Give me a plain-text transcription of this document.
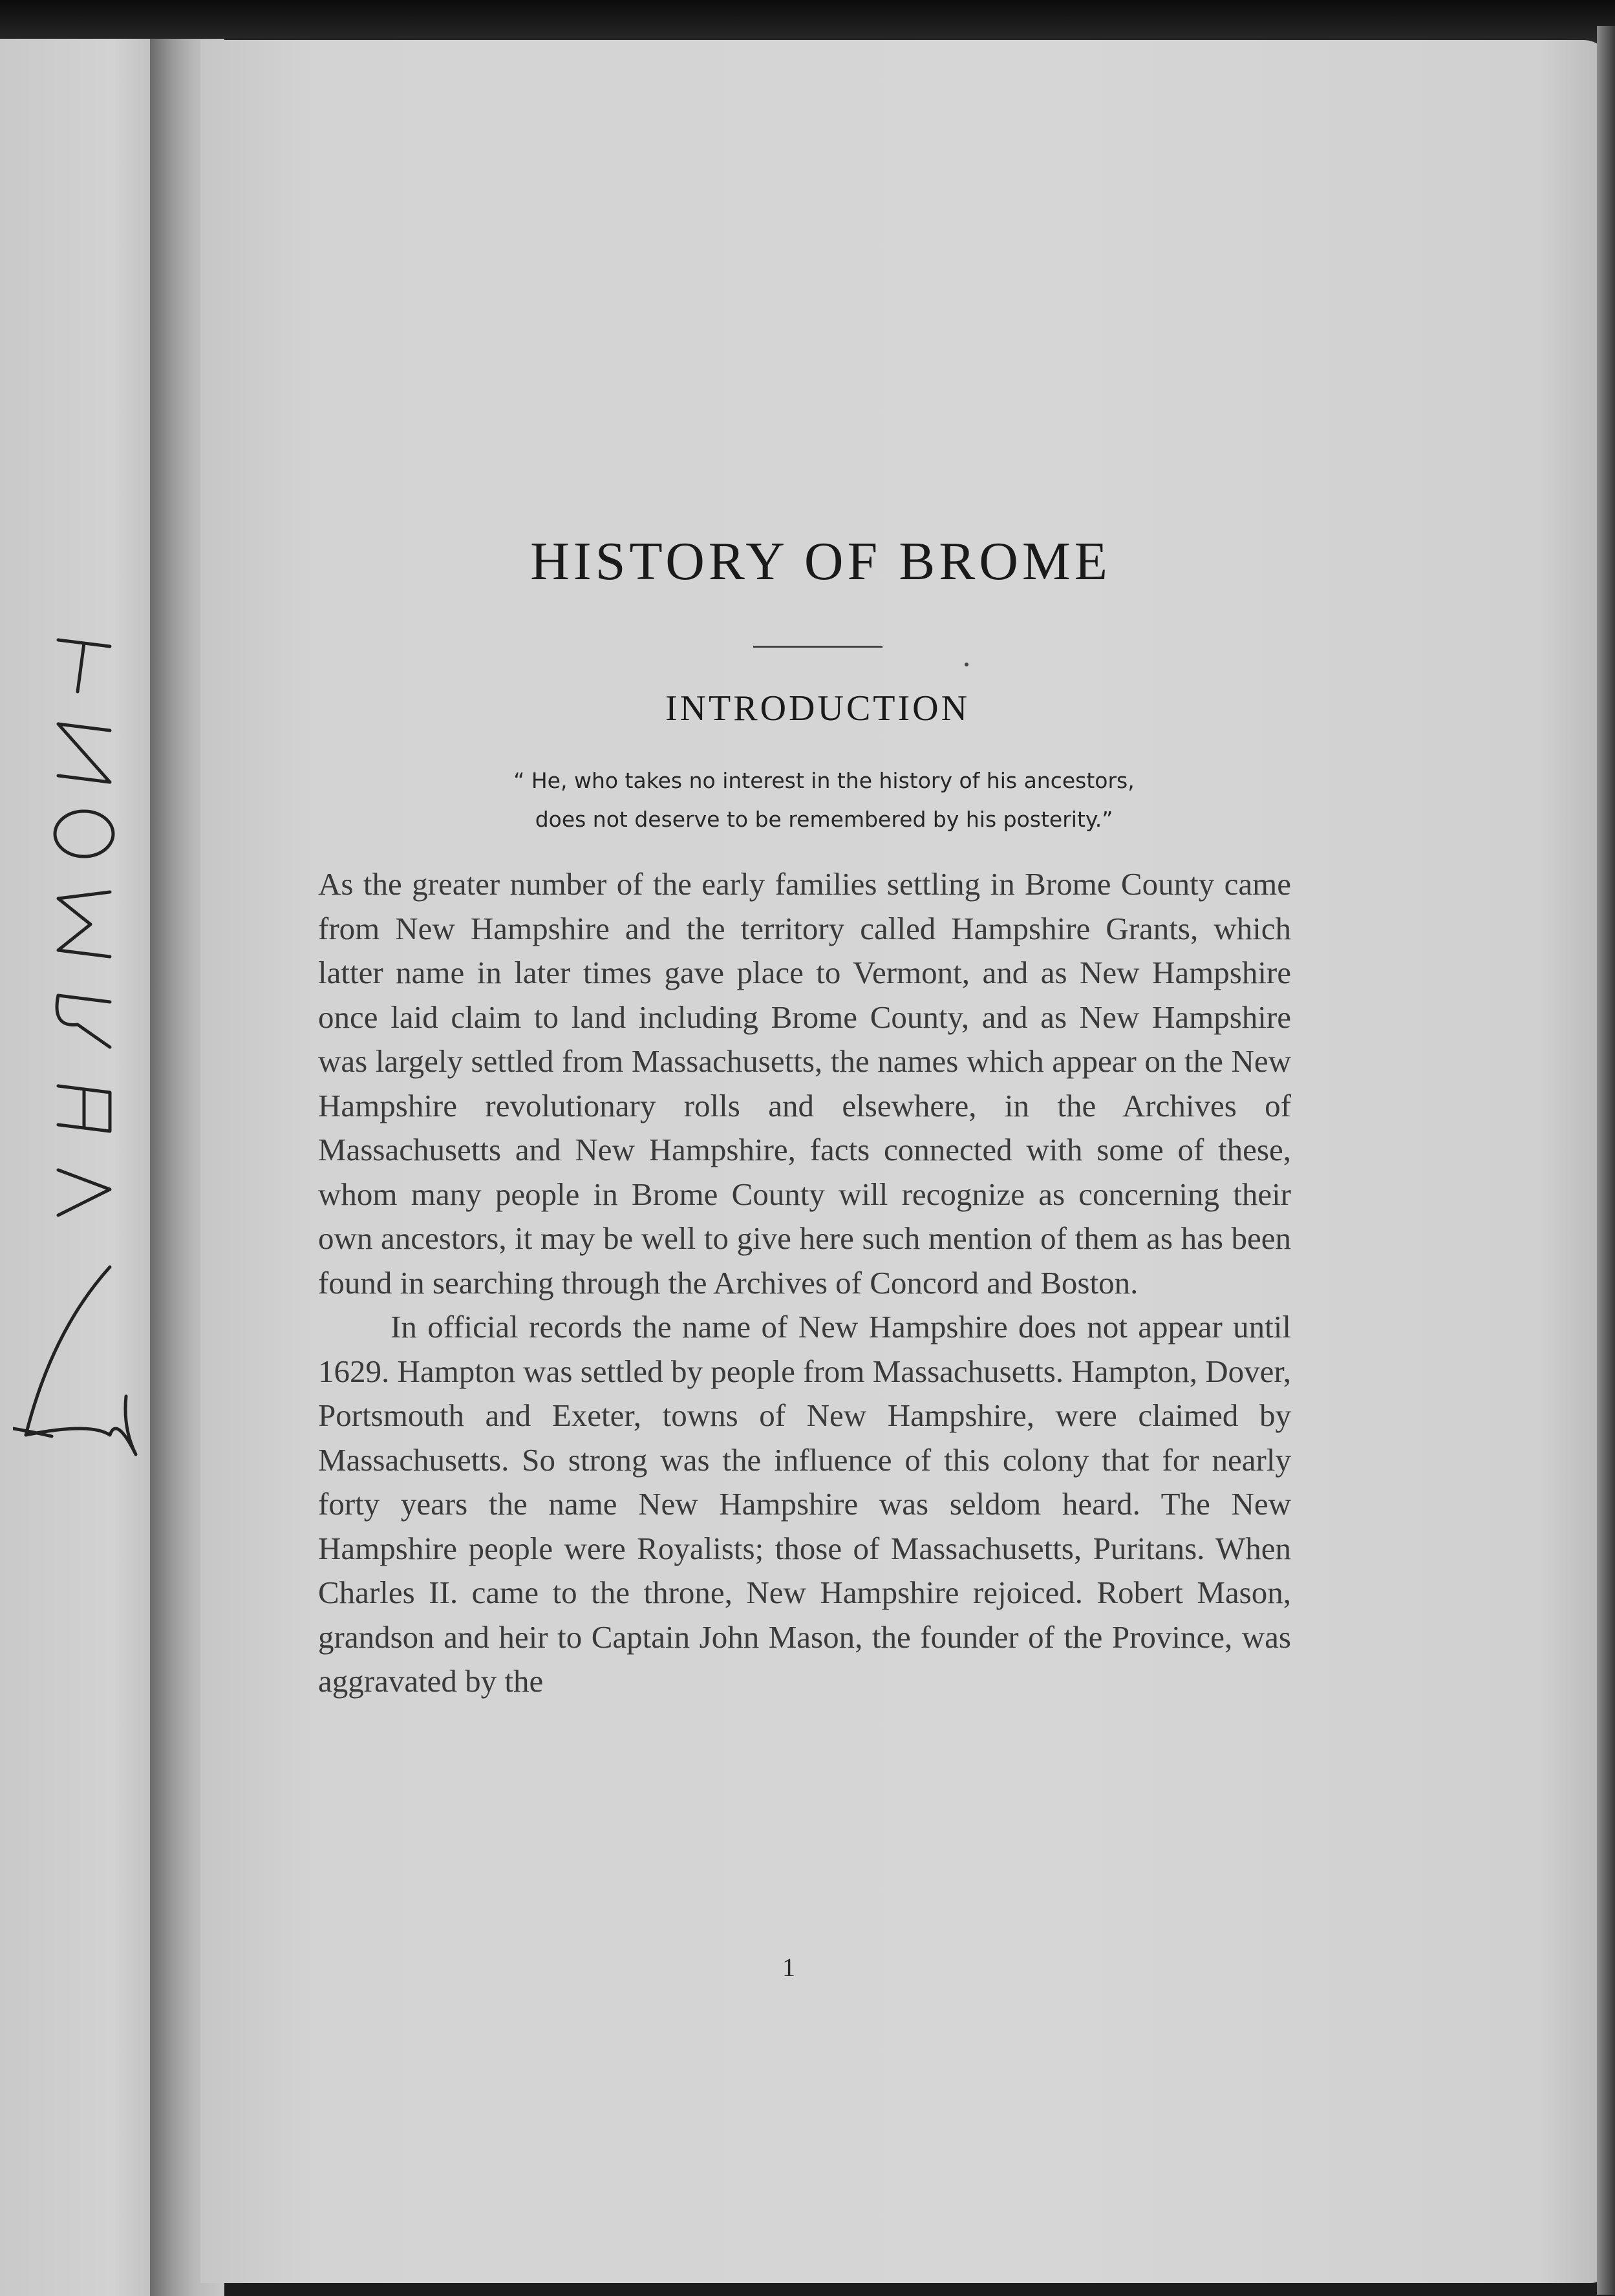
HISTORY OF BROME
INTRODUCTION
“ He, who takes no interest in the history of his ancestors,
does not deserve to be remembered by his posterity.”

As the greater number of the early families settling in Brome County came from New Hampshire and the territory called Hampshire Grants, which latter name in later times gave place to Vermont, and as New Hampshire once laid claim to land including Brome County, and as New Hampshire was largely settled from Massachusetts, the names which appear on the New Hampshire revolutionary rolls and elsewhere, in the Archives of Massachusetts and New Hampshire, facts connected with some of these, whom many people in Brome County will recognize as concerning their own ancestors, it may be well to give here such mention of them as has been found in searching through the Archives of Concord and Boston.

In official records the name of New Hampshire does not appear until 1629. Hampton was settled by people from Massachusetts. Hampton, Dover, Portsmouth and Exeter, towns of New Hampshire, were claimed by Massachusetts. So strong was the influence of this colony that for nearly forty years the name New Hampshire was seldom heard. The New Hampshire people were Royalists; those of Massachusetts, Puritans. When Charles II. came to the throne, New Hampshire rejoiced. Robert Mason, grandson and heir to Captain John Mason, the founder of the Province, was aggravated by the

1
